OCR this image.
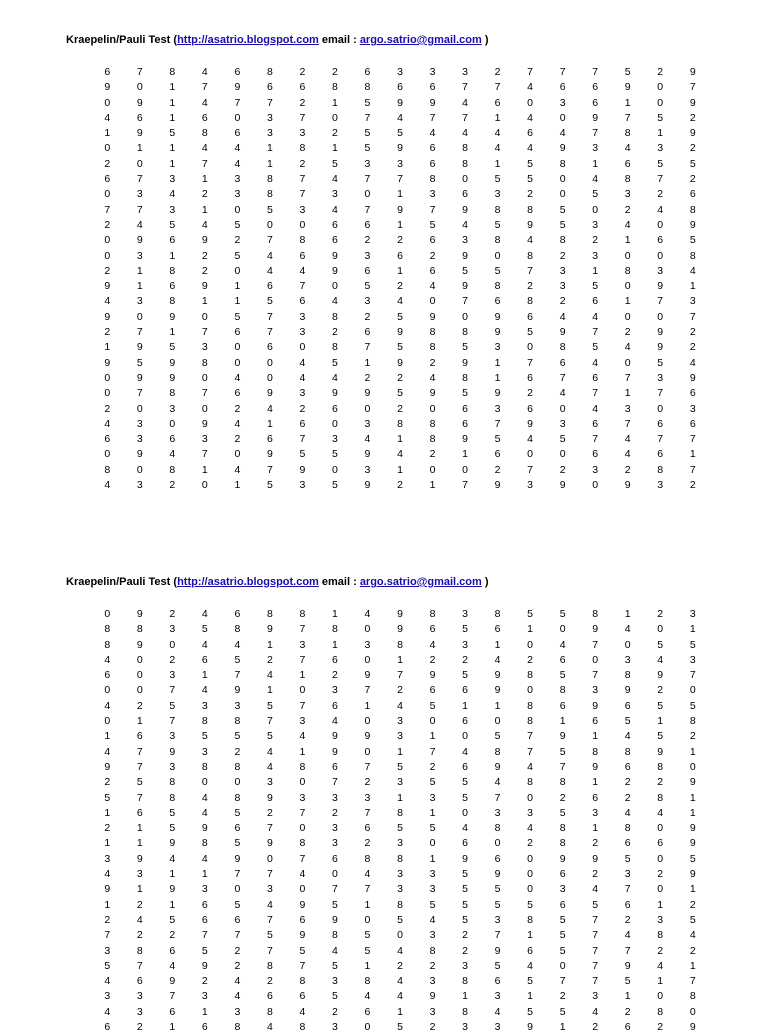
Kraepelin/Pauli Test (http://asatrio.blogspot.com email : argo.satrio@gmail.com )
6	7	8	4	6	8	2	2	6	3	3	3	2	7	7	7	5	2	9
9	0	1	7	9	6	6	8	8	6	6	7	7	4	6	6	9	0	7
0	9	1	4	7	7	2	1	5	9	9	4	6	0	3	6	1	0	9
4	6	1	6	0	3	7	0	7	4	7	7	1	4	0	9	7	5	2
1	9	5	8	6	3	3	2	5	5	4	4	4	6	4	7	8	1	9
0	1	1	4	4	1	8	1	5	9	6	8	4	4	9	3	4	3	2
2	0	1	7	4	1	2	5	3	3	6	8	1	5	8	1	6	5	5
6	7	3	1	3	8	7	4	7	7	8	0	5	5	0	4	8	7	2
0	3	4	2	3	8	7	3	0	1	3	6	3	2	0	5	3	2	6
7	7	3	1	0	5	3	4	7	9	7	9	8	8	5	0	2	4	8
2	4	5	4	5	0	0	6	6	1	5	4	5	9	5	3	4	0	9
0	9	6	9	2	7	8	6	2	2	6	3	8	4	8	2	1	6	5
0	3	1	2	5	4	6	9	3	6	2	9	0	8	2	3	0	0	8
2	1	8	2	0	4	4	9	6	1	6	5	5	7	3	1	8	3	4
9	1	6	9	1	6	7	0	5	2	4	9	8	2	3	5	0	9	1
4	3	8	1	1	5	6	4	3	4	0	7	6	8	2	6	1	7	3
9	0	9	0	5	7	3	8	2	5	9	0	9	6	4	4	0	0	7
2	7	1	7	6	7	3	2	6	9	8	8	9	5	9	7	2	9	2
1	9	5	3	0	6	0	8	7	5	8	5	3	0	8	5	4	9	2
9	5	9	8	0	0	4	5	1	9	2	9	1	7	6	4	0	5	4
0	9	9	0	4	0	4	4	2	2	4	8	1	6	7	6	7	3	9
0	7	8	7	6	9	3	9	9	5	9	5	9	2	4	7	1	7	6
2	0	3	0	2	4	2	6	0	2	0	6	3	6	0	4	3	0	3
4	3	0	9	4	1	6	0	3	8	8	6	7	9	3	6	7	6	6
6	3	6	3	2	6	7	3	4	1	8	9	5	4	5	7	4	7	7
0	9	4	7	0	9	5	5	9	4	2	1	6	0	0	6	4	6	1
8	0	8	1	4	7	9	0	3	1	0	0	2	7	2	3	2	8	7
4	3	2	0	1	5	3	5	9	2	1	7	9	3	9	0	9	3	2
Kraepelin/Pauli Test (http://asatrio.blogspot.com email : argo.satrio@gmail.com )
0	9	2	4	6	8	8	1	4	9	8	3	8	5	5	8	1	2	3
8	8	3	5	8	9	7	8	0	9	6	5	6	1	0	9	4	0	1
8	9	0	4	4	1	3	1	3	8	4	3	1	0	4	7	0	5	5
4	0	2	6	5	2	7	6	0	1	2	2	4	2	6	0	3	4	3
6	0	3	1	7	4	1	2	9	7	9	5	9	8	5	7	8	9	7
0	0	7	4	9	1	0	3	7	2	6	6	9	0	8	3	9	2	0
4	2	5	3	3	5	7	6	1	4	5	1	1	8	6	9	6	5	5
0	1	7	8	8	7	3	4	0	3	0	6	0	8	1	6	5	1	8
1	6	3	5	5	5	4	9	9	3	1	0	5	7	9	1	4	5	2
4	7	9	3	2	4	1	9	0	1	7	4	8	7	5	8	8	9	1
9	7	3	8	8	4	8	6	7	5	2	6	9	4	7	9	6	8	0
2	5	8	0	0	3	0	7	2	3	5	5	4	8	8	1	2	2	9
5	7	8	4	8	9	3	3	3	1	3	5	7	0	2	6	2	8	1
1	6	5	4	5	2	7	2	7	8	1	0	3	3	5	3	4	4	1
2	1	5	9	6	7	0	3	6	5	5	4	8	4	8	1	8	0	9
1	1	9	8	5	9	8	3	2	3	0	6	0	2	8	2	6	6	9
3	9	4	4	9	0	7	6	8	8	1	9	6	0	9	9	5	0	5
4	3	1	1	7	7	4	0	4	3	3	5	9	0	6	2	3	2	9
9	1	9	3	0	3	0	7	7	3	3	5	5	0	3	4	7	0	1
1	2	1	6	5	4	9	5	1	8	5	5	5	5	6	5	6	1	2
2	4	5	6	6	7	6	9	0	5	4	5	3	8	5	7	2	3	5
7	2	2	7	7	5	9	8	5	0	3	2	7	1	5	7	4	8	4
3	8	6	5	2	7	5	4	5	4	8	2	9	6	5	7	7	2	2
5	7	4	9	2	8	7	5	1	2	2	3	5	4	0	7	9	4	1
4	6	9	2	4	2	8	3	8	4	3	8	6	5	7	7	5	1	7
3	3	7	3	4	6	6	5	4	4	9	1	3	1	2	3	1	0	8
4	3	6	1	3	8	4	2	6	1	3	8	4	5	5	4	2	8	0
6	2	1	6	8	4	8	3	0	5	2	3	3	9	1	2	6	2	9
